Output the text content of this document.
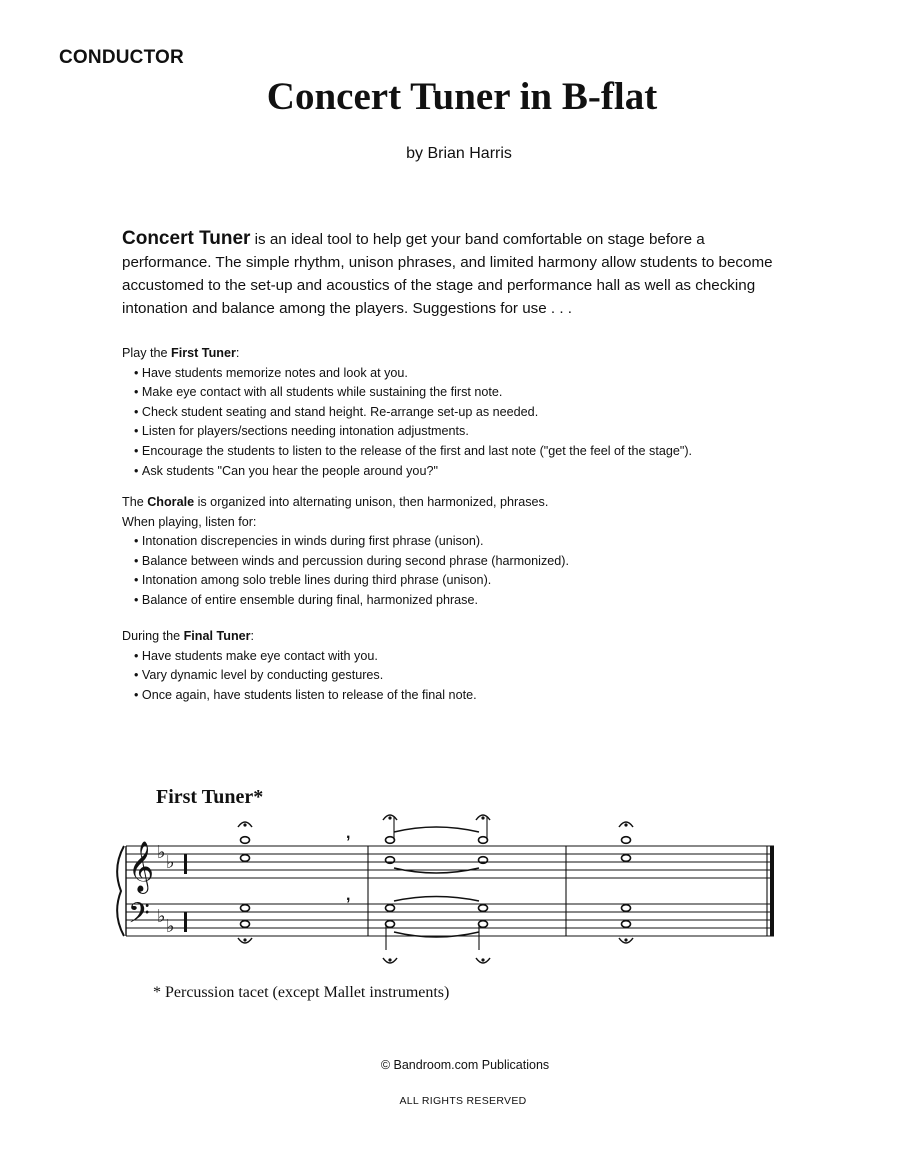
CONDUCTOR
Concert Tuner in B-flat
by Brian Harris

Concert Tuner is an ideal tool to help get your band comfortable on stage before a performance. The simple rhythm, unison phrases, and limited harmony allow students to become accustomed to the set-up and acoustics of the stage and performance hall as well as checking intonation and balance among the players. Suggestions for use . . .

Play the First Tuner:

• Have students memorize notes and look at you.
• Make eye contact with all students while sustaining the first note.
• Check student seating and stand height. Re-arrange set-up as needed.
• Listen for players/sections needing intonation adjustments.
• Encourage the students to listen to the release of the first and last note ("get the feel of the stage").
• Ask students "Can you hear the people around you?"

The Chorale is organized into alternating unison, then harmonized, phrases.

When playing, listen for:

• Intonation discrepencies in winds during first phrase (unison).
• Balance between winds and percussion during second phrase (harmonized).
• Intonation among solo treble lines during third phrase (unison).
• Balance of entire ensemble during final, harmonized phrase.

During the Final Tuner:

• Have students make eye contact with you.
• Vary dynamic level by conducting gestures.
• Once again, have students listen to release of the final note.
First Tuner*
𝄞
𝄢
♭ ♭
♭ ♭
,
,
* Percussion tacet (except Mallet instruments)
© Bandroom.com Publications
ALL RIGHTS RESERVED
